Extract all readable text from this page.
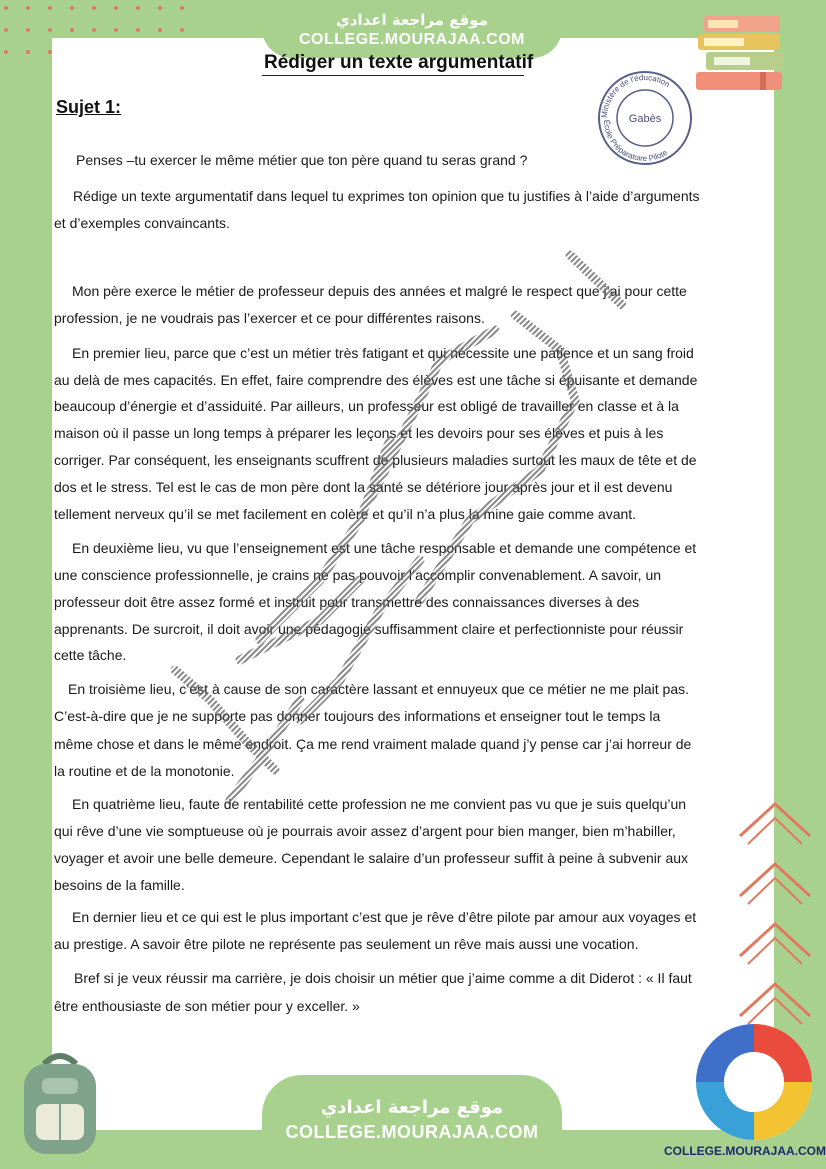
موقع مراجعة اعدادي
COLLEGE.MOURAJAA.COM
Rédiger un texte argumentatif
Sujet 1:	Ministère de l'éducation
École Préparatoire Pilote
Gabès
Penses –tu exercer le même métier que ton père quand tu seras grand ?
Rédige un texte argumentatif dans lequel tu exprimes ton opinion que tu justifies à l’aide d’arguments
et d’exemples convaincants.
Mon père exerce le métier de professeur depuis des années et malgré le respect que j’ai pour cette
profession, je ne voudrais pas l’exercer et ce pour différentes raisons.
En premier lieu, parce que c’est un métier très fatigant et qui nécessite une patience et un sang froid
au delà de mes capacités. En effet, faire comprendre des élèves est une tâche si épuisante et demande
beaucoup d’énergie et d’assiduité. Par ailleurs, un professeur est obligé de travailler en classe et à la
maison où il passe un long temps à préparer les leçons et les devoirs pour ses élèves et puis à les
corriger. Par conséquent, les enseignants scuffrent de plusieurs maladies surtout les maux de tête et de
dos et le stress. Tel est le cas de mon père dont la santé se détériore jour après jour et il est devenu
tellement nerveux qu’il se met facilement en colère et qu’il n’a plus la mine gaie comme avant.
En deuxième lieu, vu que l’enseignement est une tâche responsable et demande une compétence et
une conscience professionnelle, je crains ne pas pouvoir l’accomplir convenablement. A savoir, un
professeur doit être assez formé et instruit pour transmettre des connaissances diverses à des
apprenants. De surcroit, il doit avoir une pédagogie suffisamment claire et perfectionniste pour réussir
cette tâche.
En troisième lieu, c’est à cause de son caractère lassant et ennuyeux que ce métier ne me plait pas.
C’est-à-dire que je ne supporte pas donner toujours des informations et enseigner tout le temps la
même chose et dans le même endroit. Ça me rend vraiment malade quand j’y pense car j’ai horreur de
la routine et de la monotonie.
En quatrième lieu, faute de rentabilité cette profession ne me convient pas vu que je suis quelqu’un
qui rêve d’une vie somptueuse où je pourrais avoir assez d’argent pour bien manger, bien m’habiller,
voyager et avoir une belle demeure. Cependant le salaire d’un professeur suffit à peine à subvenir aux
besoins de la famille.
En dernier lieu et ce qui est le plus important c’est que je rêve d’être pilote par amour aux voyages et
au prestige. A savoir être pilote ne représente pas seulement un rêve mais aussi une vocation.
Bref si je veux réussir ma carrière, je dois choisir un métier que j’aime comme a dit Diderot : « Il faut
être enthousiaste de son métier pour y exceller. »
موقع مراجعة اعدادي
COLLEGE.MOURAJAA.COM
COLLEGE.MOURAJAA.COM
